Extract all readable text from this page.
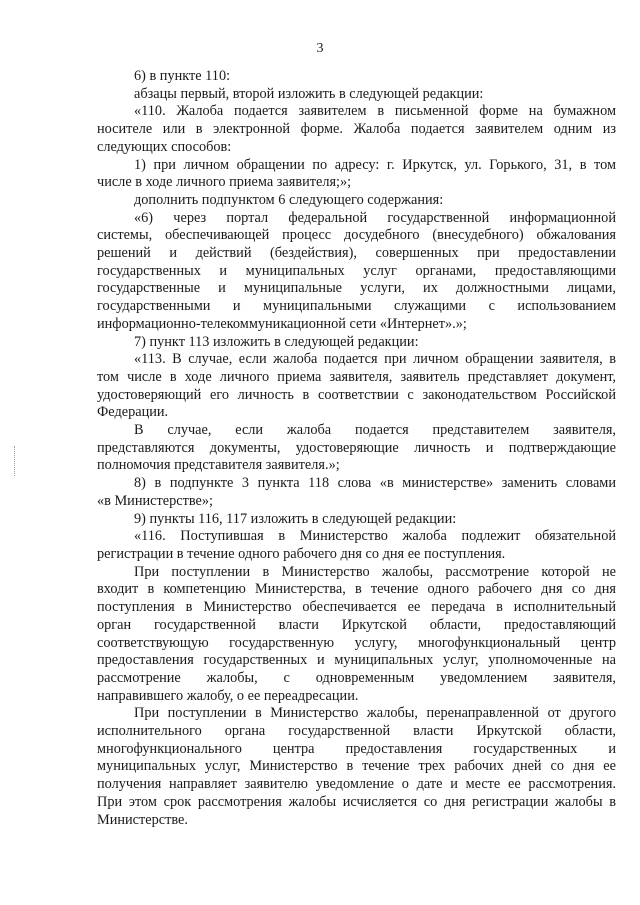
3
6) в пункте 110:
абзацы первый, второй изложить в следующей редакции:
«110. Жалоба подается заявителем в письменной форме на бумажном
носителе или в электронной форме. Жалоба подается заявителем одним из
следующих способов:
1) при личном обращении по адресу: г. Иркутск, ул. Горького, 31, в том
числе в ходе личного приема заявителя;»;
дополнить подпунктом 6 следующего содержания:
«6) через портал федеральной государственной информационной
системы, обеспечивающей процесс досудебного (внесудебного) обжалования
решений и действий (бездействия), совершенных при предоставлении
государственных и муниципальных услуг органами, предоставляющими
государственные и муниципальные услуги, их должностными лицами,
государственными и муниципальными служащими с использованием
информационно-телекоммуникационной сети «Интернет».»;
7) пункт 113 изложить в следующей редакции:
«113. В случае, если жалоба подается при личном обращении заявителя, в
том числе в ходе личного приема заявителя, заявитель представляет документ,
удостоверяющий его личность в соответствии с законодательством Российской
Федерации.
В случае, если жалоба подается представителем заявителя,
представляются документы, удостоверяющие личность и подтверждающие
полномочия представителя заявителя.»;
8) в подпункте 3 пункта 118 слова «в министерстве» заменить словами
«в Министерстве»;
9) пункты 116, 117 изложить в следующей редакции:
«116. Поступившая в Министерство жалоба подлежит обязательной
регистрации в течение одного рабочего дня со дня ее поступления.
При поступлении в Министерство жалобы, рассмотрение которой не
входит в компетенцию Министерства, в течение одного рабочего дня со дня
поступления в Министерство обеспечивается ее передача в исполнительный
орган государственной власти Иркутской области, предоставляющий
соответствующую государственную услугу, многофункциональный центр
предоставления государственных и муниципальных услуг, уполномоченные на
рассмотрение жалобы, с одновременным уведомлением заявителя,
направившего жалобу, о ее переадресации.
При поступлении в Министерство жалобы, перенаправленной от другого
исполнительного органа государственной власти Иркутской области,
многофункционального центра предоставления государственных и
муниципальных услуг, Министерство в течение трех рабочих дней со дня ее
получения направляет заявителю уведомление о дате и месте ее рассмотрения.
При этом срок рассмотрения жалобы исчисляется со дня регистрации жалобы в
Министерстве.
